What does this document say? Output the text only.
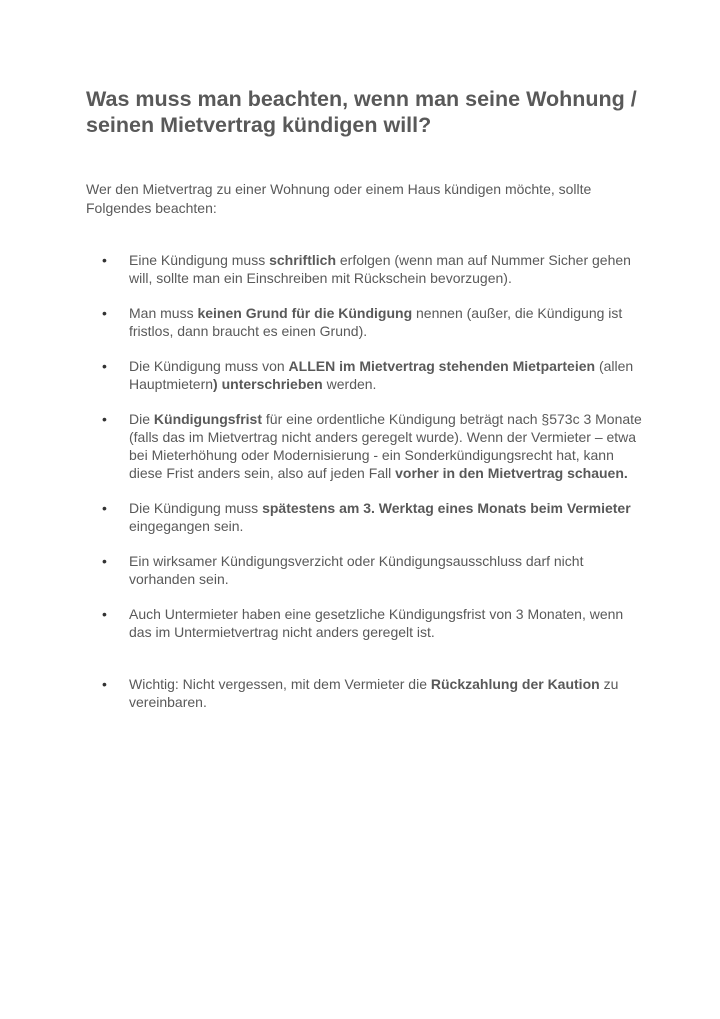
Was muss man beachten, wenn man seine Wohnung / seinen Mietvertrag kündigen will?

Wer den Mietvertrag zu einer Wohnung oder einem Haus kündigen möchte, sollte Folgendes beachten:

• Eine Kündigung muss schriftlich erfolgen (wenn man auf Nummer Sicher gehen will, sollte man ein Einschreiben mit Rückschein bevorzugen).
• Man muss keinen Grund für die Kündigung nennen (außer, die Kündigung ist fristlos, dann braucht es einen Grund).
• Die Kündigung muss von ALLEN im Mietvertrag stehenden Mietparteien (allen Hauptmietern) unterschrieben werden.
• Die Kündigungsfrist für eine ordentliche Kündigung beträgt nach §573c 3 Monate (falls das im Mietvertrag nicht anders geregelt wurde). Wenn der Vermieter – etwa bei Mieterhöhung oder Modernisierung - ein Sonderkündigungsrecht hat, kann diese Frist anders sein, also auf jeden Fall vorher in den Mietvertrag schauen.
• Die Kündigung muss spätestens am 3. Werktag eines Monats beim Vermieter eingegangen sein.
• Ein wirksamer Kündigungsverzicht oder Kündigungsausschluss darf nicht vorhanden sein.
• Auch Untermieter haben eine gesetzliche Kündigungsfrist von 3 Monaten, wenn das im Untermietvertrag nicht anders geregelt ist.
• Wichtig: Nicht vergessen, mit dem Vermieter die Rückzahlung der Kaution zu vereinbaren.
